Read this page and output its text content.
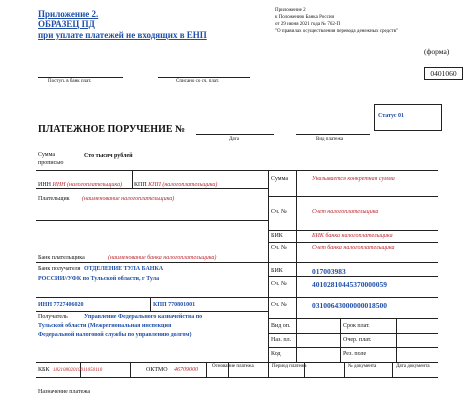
Приложение 2.
ОБРАЗЕЦ ПД
при уплате платежей не входящих в ЕНП
Приложение 2
к Положению Банка России
от 29 июня 2021 года № 762-П
"О правилах осуществления перевода денежных средств"
(форма)
0401060
Поступ. в банк плат.	Списано со сч. плат.
Статус 01
ПЛАТЕЖНОЕ ПОРУЧЕНИЕ №
Дата	Вид платежа
Сумма
прописью
Сто тысяч рублей
ИНН ИНН (налогоплательщика) КПП КПП (налогоплательщика)
Сумма	Указывается конкретная сумма
Плательщик (наименование налогоплательщика)
Сч. №	Счет налогоплательщика
Банк плательщика	(наименование банка налогоплательщика)
БИК	БИК банка налогоплательщика
Сч. №	Счет банка налогоплательщика
Банк получателя ОТДЕЛЕНИЕ ТУЛА БАНКА
РОССИИ//УФК по Тульской области, г Тула
БИК	017003983
Сч. №	40102810445370000059
ИНН 7727406020	КПП 770801001	Сч. №	03100643000000018500
Получатель	Управление Федерального казначейства по
Тульской области (Межрегиональная инспекция
Федеральной налоговой службы по управлению долгом)
Вид оп.	Срок плат.
Наз. пл.	Очер. плат.
Код	Рез. поле
КБК 18210802010011050110	ОКТМО 46709000
Основание платежа	Период платежа	№ документа	Дата документа
Назначение платежа
